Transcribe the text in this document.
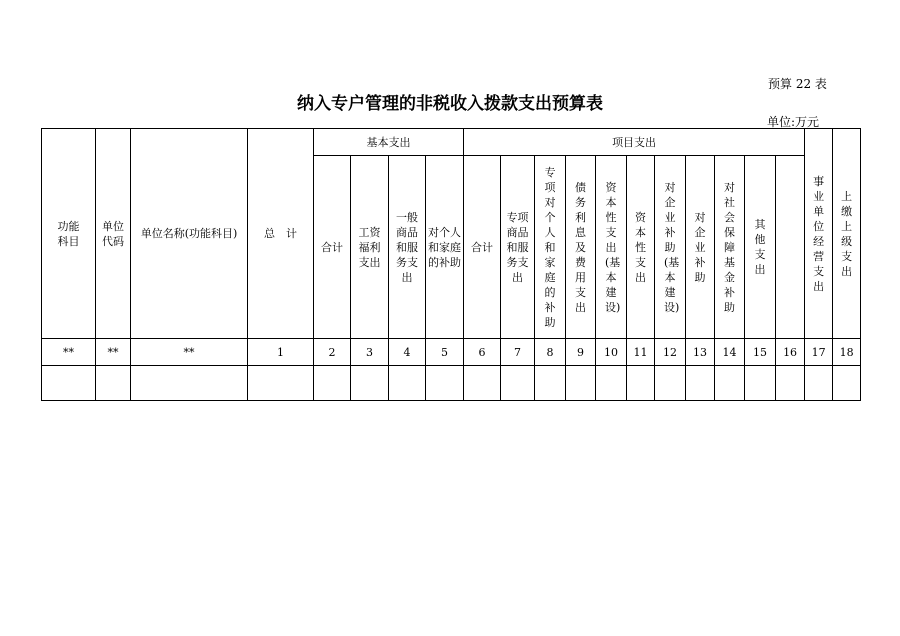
预算 22 表
纳入专户管理的非税收入拨款支出预算表
单位:万元
功能科目	单位代码	单位名称(功能科目)	总　计	基本支出				项目支出											事业单位经营支出	上缴上级支出	
				合计	工资福利支出	一般商品和服务支出	对个人和家庭的补助	合计	专项商品和服务支出	专项对个人和家庭的补助	债务利息及费用支出	资本性支出(基本建设)	资本性支出	对企业补助(基本建设)	对企业补助	对社会保障基金补助	其他支出				
**	**	**	1	2	3	4	5	6	7	8	9	10	11	12	13	14	15	16	17	18	
